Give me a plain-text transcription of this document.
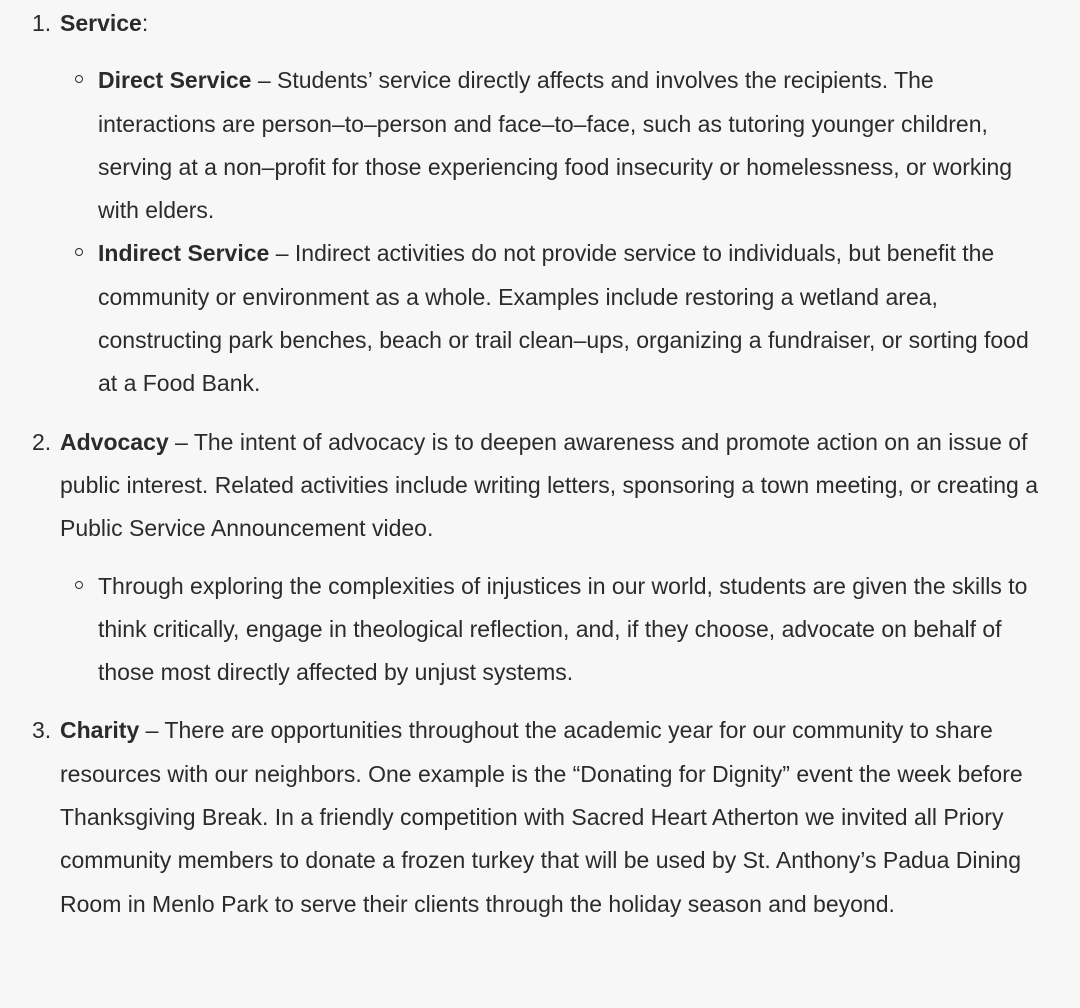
1. Service:
Direct Service – Students’ service directly affects and involves the recipients. The interactions are person–to–person and face–to–face, such as tutoring younger children, serving at a non–profit for those experiencing food insecurity or homelessness, or working with elders.
Indirect Service – Indirect activities do not provide service to individuals, but benefit the community or environment as a whole. Examples include restoring a wetland area, constructing park benches, beach or trail clean–ups, organizing a fundraiser, or sorting food at a Food Bank.
2. Advocacy – The intent of advocacy is to deepen awareness and promote action on an issue of public interest. Related activities include writing letters, sponsoring a town meeting, or creating a Public Service Announcement video.
Through exploring the complexities of injustices in our world, students are given the skills to think critically, engage in theological reflection, and, if they choose, advocate on behalf of those most directly affected by unjust systems.
3. Charity – There are opportunities throughout the academic year for our community to share resources with our neighbors. One example is the “Donating for Dignity” event the week before Thanksgiving Break. In a friendly competition with Sacred Heart Atherton we invited all Priory community members to donate a frozen turkey that will be used by St. Anthony’s Padua Dining Room in Menlo Park to serve their clients through the holiday season and beyond.
